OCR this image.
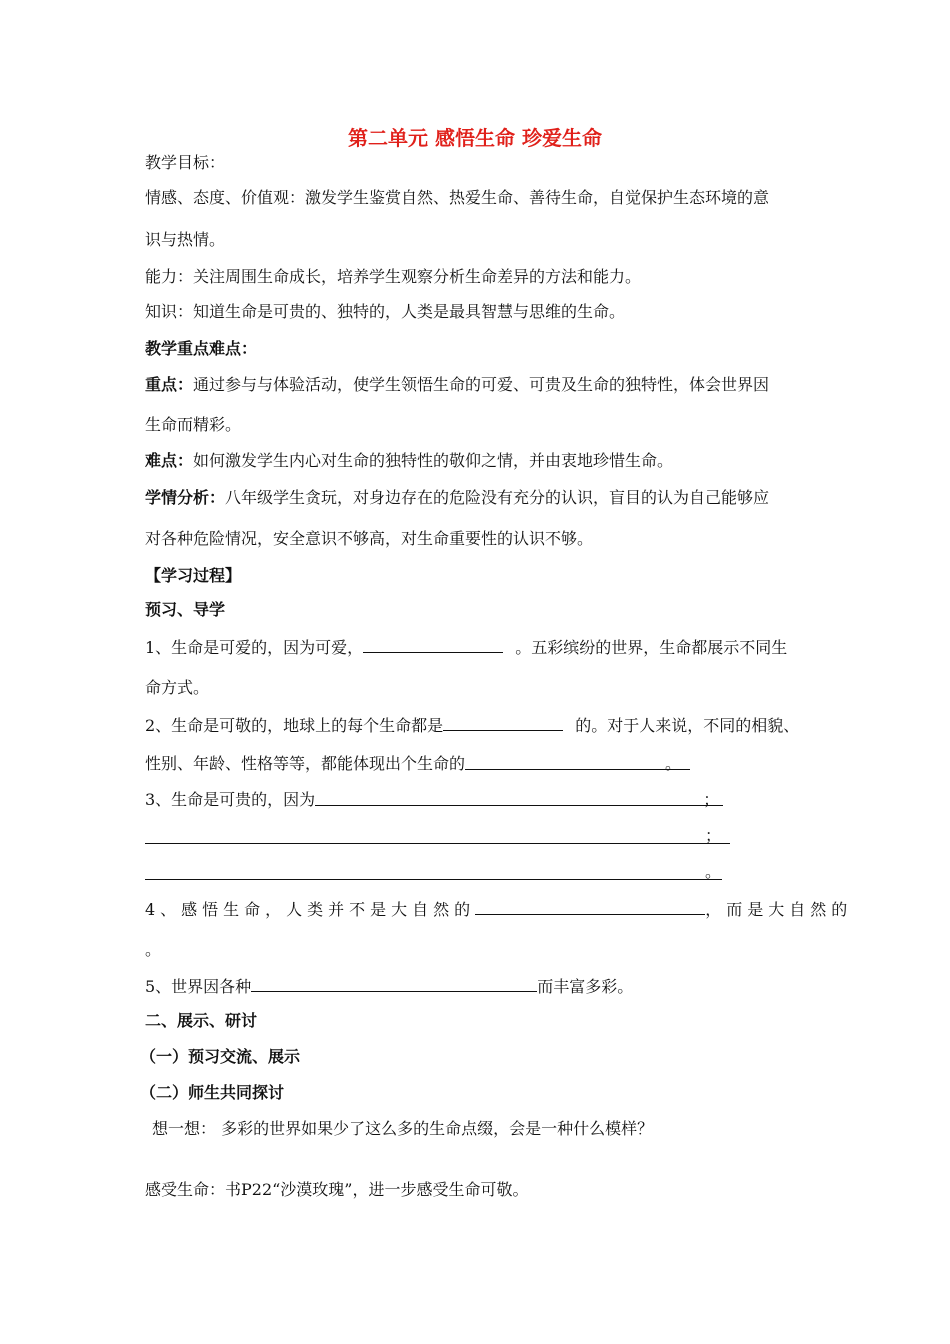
第二单元 感悟生命 珍爱生命
教学目标：
情感、态度、价值观：激发学生鉴赏自然、热爱生命、善待生命，自觉保护生态环境的意
识与热情。
能力：关注周围生命成长，培养学生观察分析生命差异的方法和能力。
知识：知道生命是可贵的、独特的，人类是最具智慧与思维的生命。
教学重点难点：
重点：通过参与与体验活动，使学生领悟生命的可爱、可贵及生命的独特性，体会世界因
生命而精彩。
难点：如何激发学生内心对生命的独特性的敬仰之情，并由衷地珍惜生命。
学情分析：八年级学生贪玩，对身边存在的危险没有充分的认识，盲目的认为自己能够应
对各种危险情况，安全意识不够高，对生命重要性的认识不够。
【学习过程】
预习、导学
1、生命是可爱的，因为可爱，	。五彩缤纷的世界，生命都展示不同生
命方式。
2、生命是可敬的，地球上的每个生命都是	的。对于人来说，不同的相貌、
性别、年龄、性格等等，都能体现出个生命的	。
3、生命是可贵的，因为	；
；
。
4、感悟生命，人类并不是大自然的	，而是大自然的
。
5、世界因各种	而丰富多彩。
二、展示、研讨
（一）预习交流、展示
（二）师生共同探讨
想一想： 多彩的世界如果少了这么多的生命点缀，会是一种什么模样？
感受生命：书P22“沙漠玫瑰”，进一步感受生命可敬。
